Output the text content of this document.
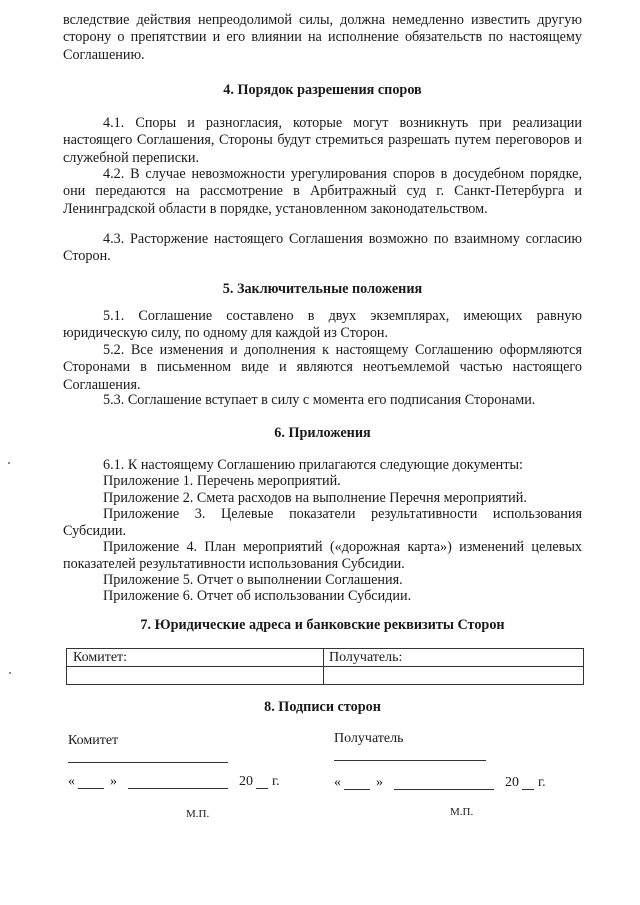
вследствие действия непреодолимой силы, должна немедленно известить другую сторону о препятствии и его влиянии на исполнение обязательств по настоящему Соглашению.

4. Порядок разрешения споров

4.1. Споры и разногласия, которые могут возникнуть при реализации настоящего Соглашения, Стороны будут стремиться разрешать путем переговоров и служебной переписки.

4.2. В случае невозможности урегулирования споров в досудебном порядке, они передаются на рассмотрение в Арбитражный суд г. Санкт-Петербурга и Ленинградской области в порядке, установленном законодательством.

4.3. Расторжение настоящего Соглашения возможно по взаимному согласию Сторон.

5. Заключительные положения

5.1. Соглашение составлено в двух экземплярах, имеющих равную юридическую силу, по одному для каждой из Сторон.

5.2. Все изменения и дополнения к настоящему Соглашению оформляются Сторонами в письменном виде и являются неотъемлемой частью настоящего Соглашения.

5.3. Соглашение вступает в силу с момента его подписания Сторонами.

6. Приложения

6.1. К настоящему Соглашению прилагаются следующие документы:

Приложение 1. Перечень мероприятий.

Приложение 2. Смета расходов на выполнение Перечня мероприятий.

Приложение 3. Целевые показатели результативности использования Субсидии.

Приложение 4. План мероприятий («дорожная карта») изменений целевых показателей результативности использования Субсидии.

Приложение 5. Отчет о выполнении Соглашения.

Приложение 6. Отчет об использовании Субсидии.

7. Юридические адреса и банковские реквизиты Сторон

Комитет:	Получатель:

8. Подписи сторон

Комитет	Получатель
«	»	20 г.	«	»	20 г.
М.П.	М.П.
